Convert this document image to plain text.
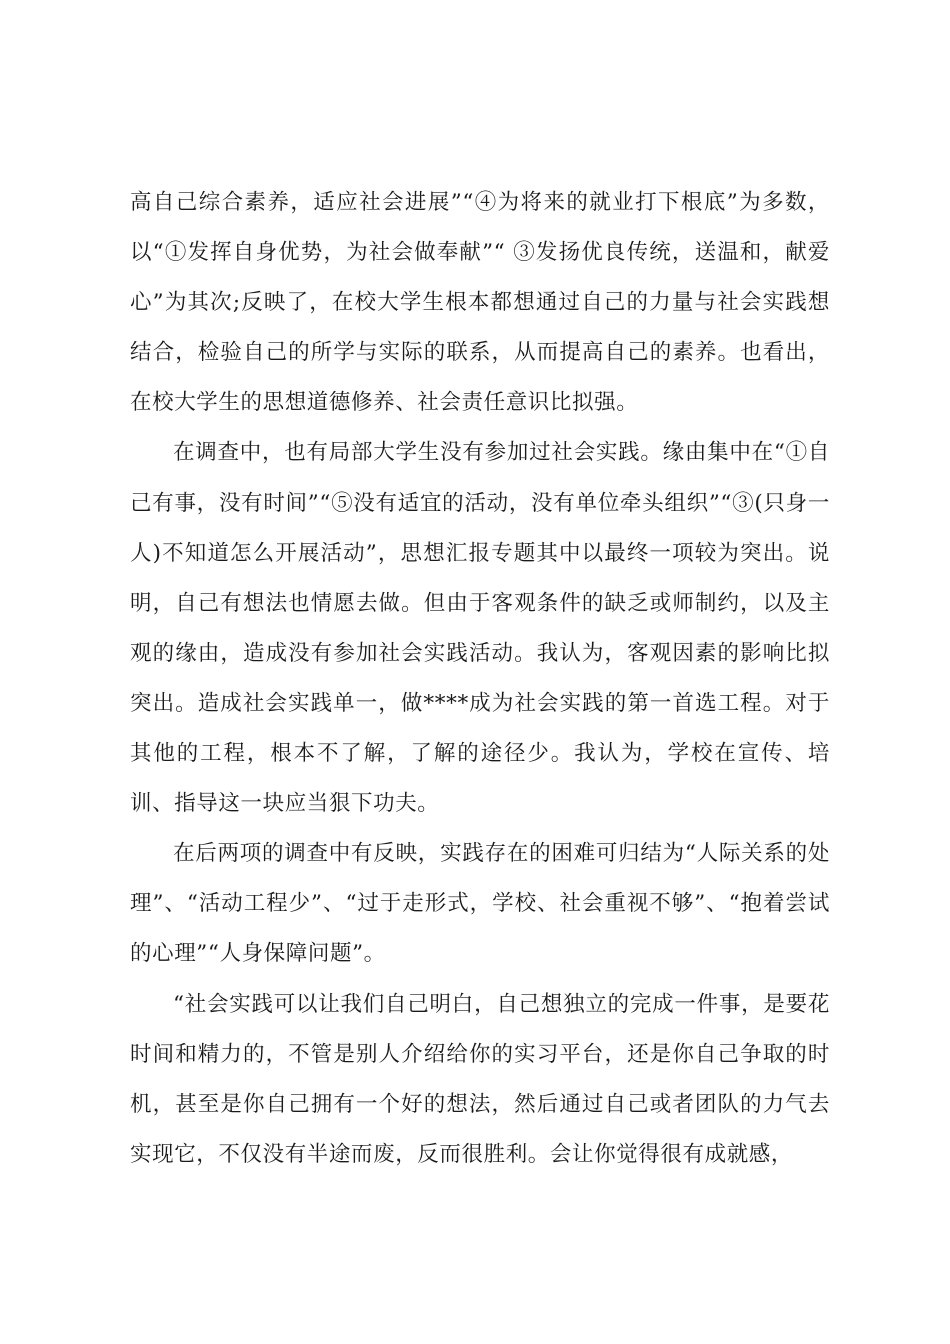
高自己综合素养，适应社会进展”“④为将来的就业打下根底”为多数，以“①发挥自身优势，为社会做奉献”“ ③发扬优良传统，送温和，献爱心”为其次;反映了，在校大学生根本都想通过自己的力量与社会实践想结合，检验自己的所学与实际的联系，从而提高自己的素养。也看出，在校大学生的思想道德修养、社会责任意识比拟强。

在调查中，也有局部大学生没有参加过社会实践。缘由集中在“①自己有事，没有时间”“⑤没有适宜的活动，没有单位牵头组织”“③(只身一人)不知道怎么开展活动”，思想汇报专题其中以最终一项较为突出。说明，自己有想法也情愿去做。但由于客观条件的缺乏或师制约，以及主观的缘由，造成没有参加社会实践活动。我认为，客观因素的影响比拟突出。造成社会实践单一，做****成为社会实践的第一首选工程。对于其他的工程，根本不了解，了解的途径少。我认为，学校在宣传、培训、指导这一块应当狠下功夫。

在后两项的调查中有反映，实践存在的困难可归结为“人际关系的处理”、“活动工程少”、“过于走形式，学校、社会重视不够”、“抱着尝试的心理”“人身保障问题”。

“社会实践可以让我们自己明白，自己想独立的完成一件事，是要花时间和精力的，不管是别人介绍给你的实习平台，还是你自己争取的时机，甚至是你自己拥有一个好的想法，然后通过自己或者团队的力气去实现它，不仅没有半途而废，反而很胜利。会让你觉得很有成就感，
